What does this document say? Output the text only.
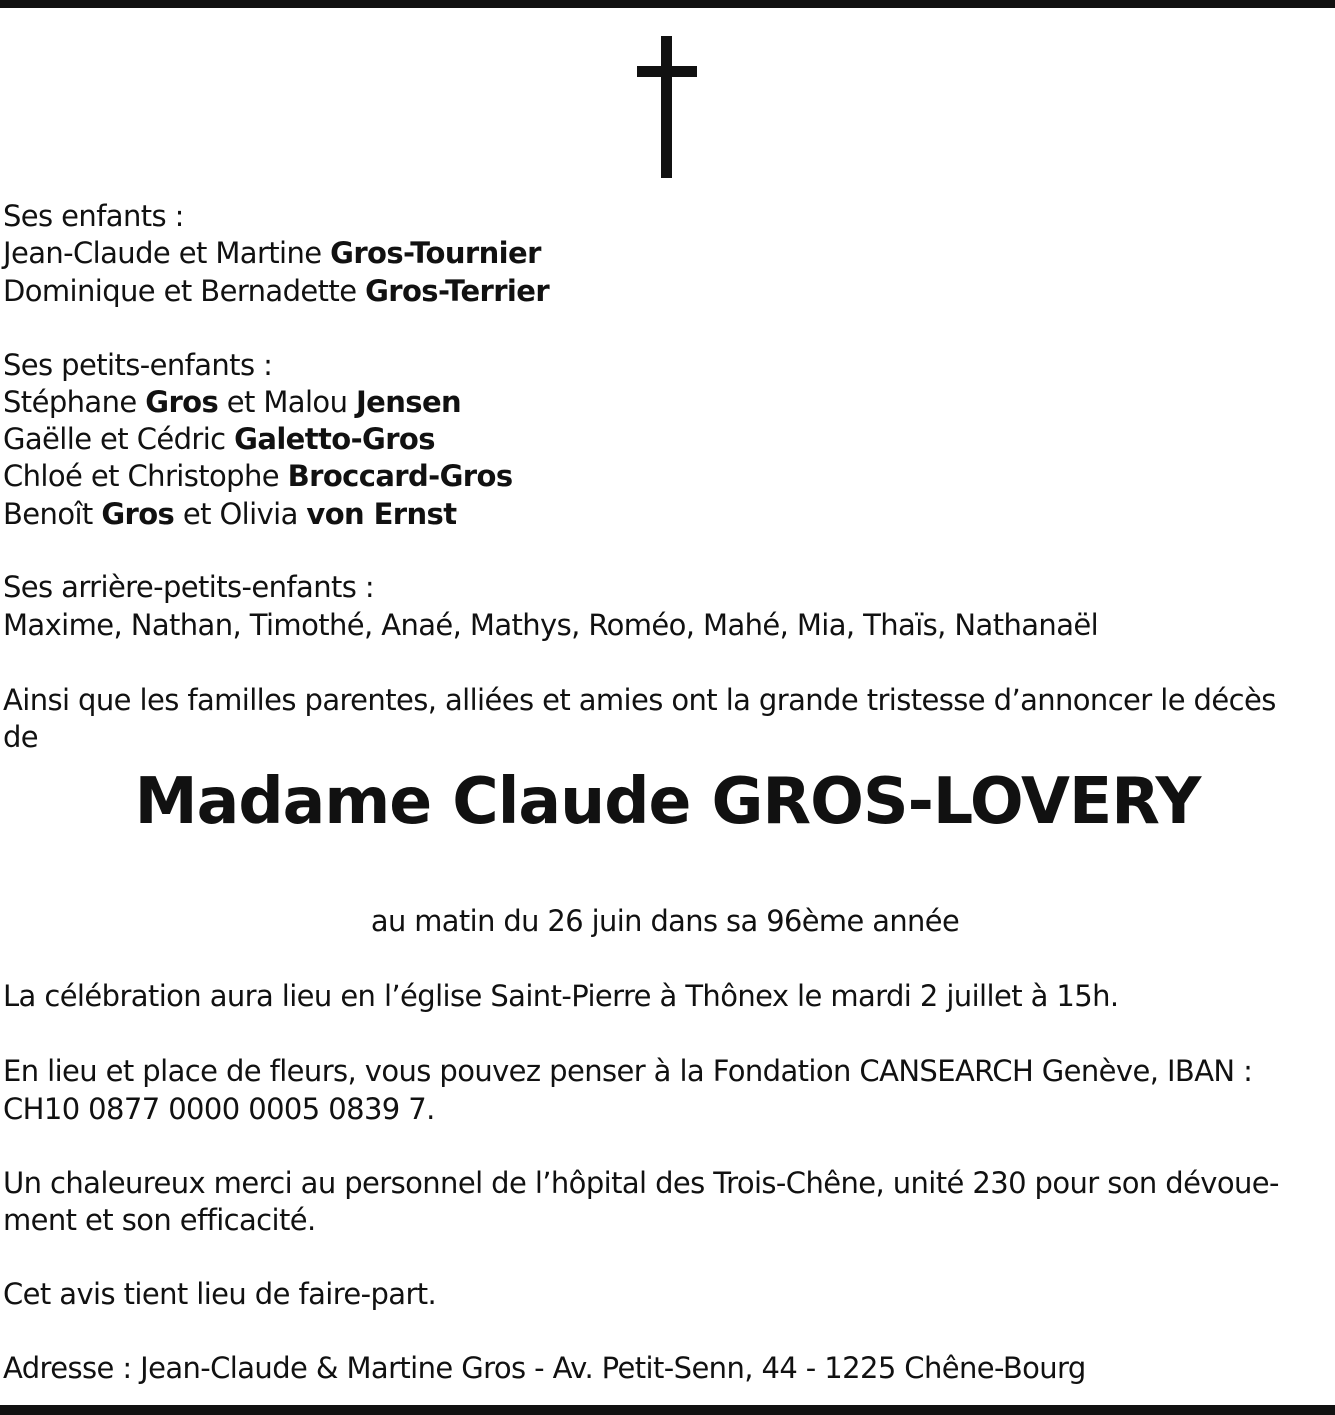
Ses enfants :
Jean-Claude et Martine Gros-Tournier
Dominique et Bernadette Gros-Terrier
Ses petits-enfants :
Stéphane Gros et Malou Jensen
Gaëlle et Cédric Galetto-Gros
Chloé et Christophe Broccard-Gros
Benoît Gros et Olivia von Ernst
Ses arrière-petits-enfants :
Maxime, Nathan, Timothé, Anaé, Mathys, Roméo, Mahé, Mia, Thaïs, Nathanaël
Ainsi que les familles parentes, alliées et amies ont la grande tristesse d’annoncer le décès
de
Madame Claude GROS-LOVERY
au matin du 26 juin dans sa 96ème année
La célébration aura lieu en l’église Saint-Pierre à Thônex le mardi 2 juillet à 15h.
En lieu et place de fleurs, vous pouvez penser à la Fondation CANSEARCH Genève, IBAN :
CH10 0877 0000 0005 0839 7.
Un chaleureux merci au personnel de l’hôpital des Trois-Chêne, unité 230 pour son dévoue-
ment et son efficacité.
Cet avis tient lieu de faire-part.
Adresse : Jean-Claude & Martine Gros - Av. Petit-Senn, 44 - 1225 Chêne-Bourg
